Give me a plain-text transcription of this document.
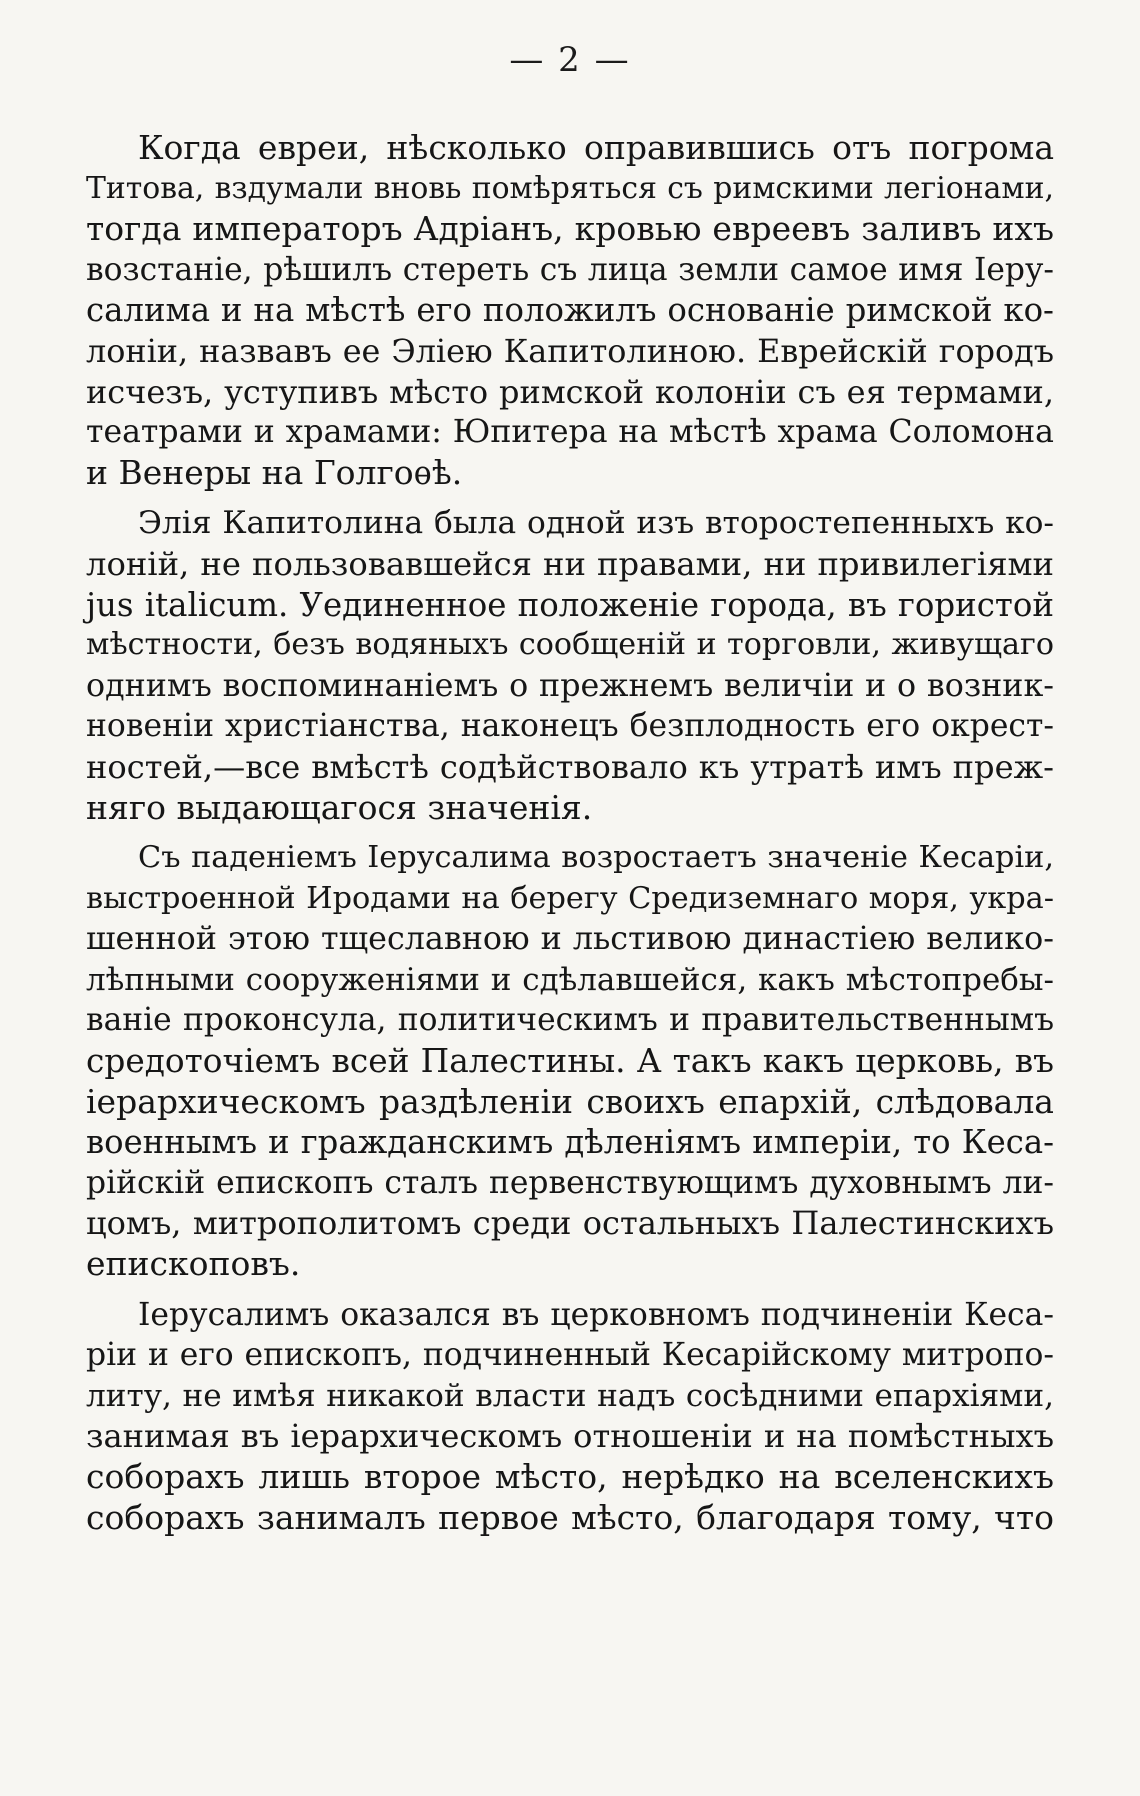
— 2 —
Когда евреи, нѣсколько оправившись отъ погрома
Титова, вздумали вновь помѣряться съ римскими легіонами,
тогда императоръ Адріанъ, кровью евреевъ заливъ ихъ
возстаніе, рѣшилъ стереть съ лица земли самое имя Іеру-
салима и на мѣстѣ его положилъ основаніе римской ко-
лоніи, назвавъ ее Эліею Капитолиною. Еврейскій городъ
исчезъ, уступивъ мѣсто римской колоніи съ ея термами,
театрами и храмами: Юпитера на мѣстѣ храма Соломона
и Венеры на Голгоѳѣ.
Элія Капитолина была одной изъ второстепенныхъ ко-
лоній, не пользовавшейся ни правами, ни привилегіями
jus italicum. Уединенное положеніе города, въ гористой
мѣстности, безъ водяныхъ сообщеній и торговли, живущаго
однимъ воспоминаніемъ о прежнемъ величіи и о возник-
новеніи христіанства, наконецъ безплодность его окрест-
ностей,—все вмѣстѣ содѣйствовало къ утратѣ имъ преж-
няго выдающагося значенія.
Съ паденіемъ Іерусалима возростаетъ значеніе Кесаріи,
выстроенной Иродами на берегу Средиземнаго моря, укра-
шенной этою тщеславною и льстивою династіею велико-
лѣпными сооруженіями и сдѣлавшейся, какъ мѣстопребы-
ваніе проконсула, политическимъ и правительственнымъ
средоточіемъ всей Палестины. А такъ какъ церковь, въ
іерархическомъ раздѣленіи своихъ епархій, слѣдовала
военнымъ и гражданскимъ дѣленіямъ имперіи, то Кеса-
рійскій епископъ сталъ первенствующимъ духовнымъ ли-
цомъ, митрополитомъ среди остальныхъ Палестинскихъ
епископовъ.
Іерусалимъ оказался въ церковномъ подчиненіи Кеса-
ріи и его епископъ, подчиненный Кесарійскому митропо-
литу, не имѣя никакой власти надъ сосѣдними епархіями,
занимая въ іерархическомъ отношеніи и на помѣстныхъ
соборахъ лишь второе мѣсто, нерѣдко на вселенскихъ
соборахъ занималъ первое мѣсто, благодаря тому, что
